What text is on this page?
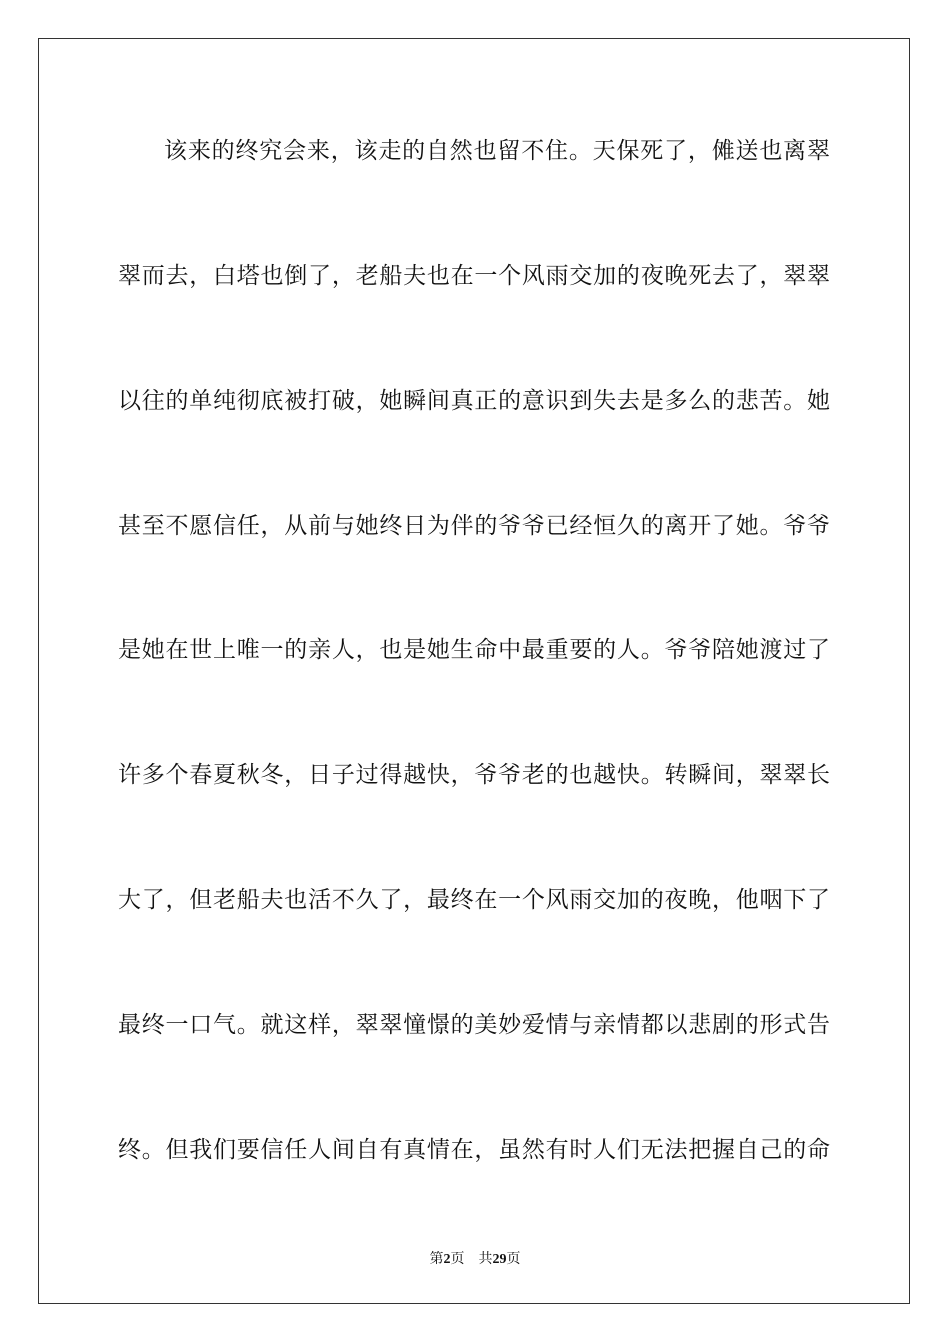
该来的终究会来，该走的自然也留不住。天保死了，傩送也离翠
翠而去，白塔也倒了，老船夫也在一个风雨交加的夜晚死去了，翠翠
以往的单纯彻底被打破，她瞬间真正的意识到失去是多么的悲苦。她
甚至不愿信任，从前与她终日为伴的爷爷已经恒久的离开了她。爷爷
是她在世上唯一的亲人，也是她生命中最重要的人。爷爷陪她渡过了
许多个春夏秋冬，日子过得越快，爷爷老的也越快。转瞬间，翠翠长
大了，但老船夫也活不久了，最终在一个风雨交加的夜晚，他咽下了
最终一口气。就这样，翠翠憧憬的美妙爱情与亲情都以悲剧的形式告
终。但我们要信任人间自有真情在，虽然有时人们无法把握自己的命
第2页 共29页
